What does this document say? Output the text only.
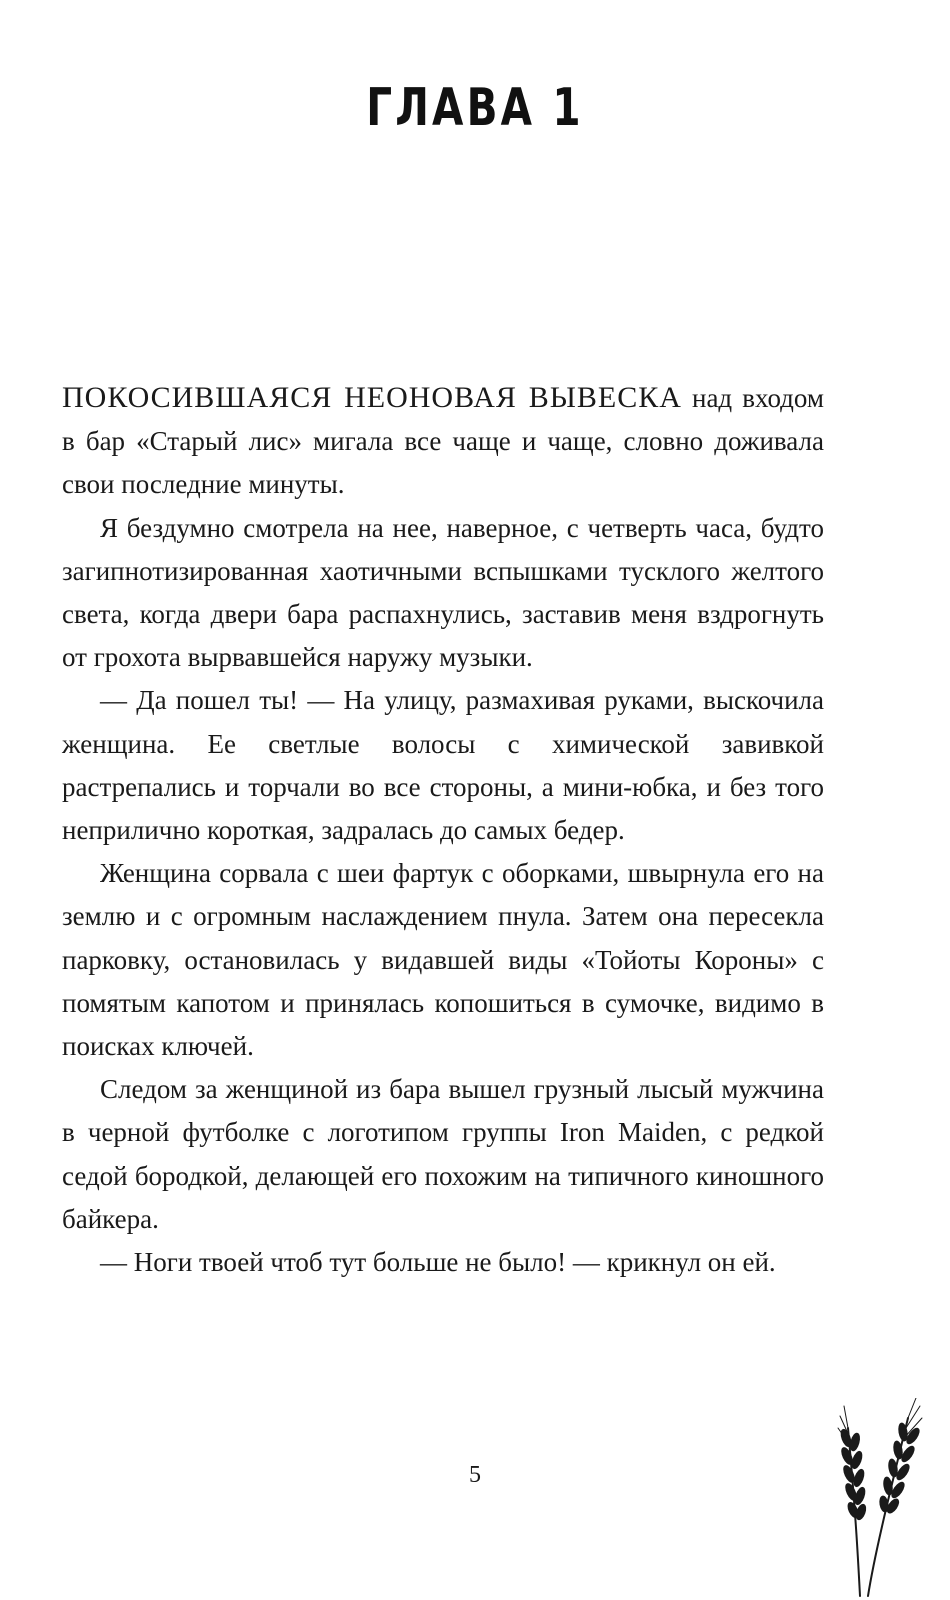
ГЛАВА 1

ПОКОСИВШАЯСЯ НЕОНОВАЯ ВЫВЕСКА над входом в бар «Старый лис» мигала все чаще и чаще, словно доживала свои последние минуты.

Я бездумно смотрела на нее, наверное, с четверть часа, будто загипнотизированная хаотичными вспышками тусклого желтого света, когда двери бара распахнулись, заставив меня вздрогнуть от грохота вырвавшейся наружу музыки.

— Да пошел ты! — На улицу, размахивая руками, выскочила женщина. Ее светлые волосы с химической завивкой растрепались и торчали во все стороны, а мини-юбка, и без того неприлично короткая, задралась до самых бедер.

Женщина сорвала с шеи фартук с оборками, швырнула его на землю и с огромным наслаждением пнула. Затем она пересекла парковку, остановилась у видавшей виды «Тойоты Короны» с помятым капотом и принялась копошиться в сумочке, видимо в поисках ключей.

Следом за женщиной из бара вышел грузный лысый мужчина в черной футболке с логотипом группы Iron Maiden, с редкой седой бородкой, делающей его похожим на типичного киношного байкера.

— Ноги твоей чтоб тут больше не было! — крикнул он ей.

5
